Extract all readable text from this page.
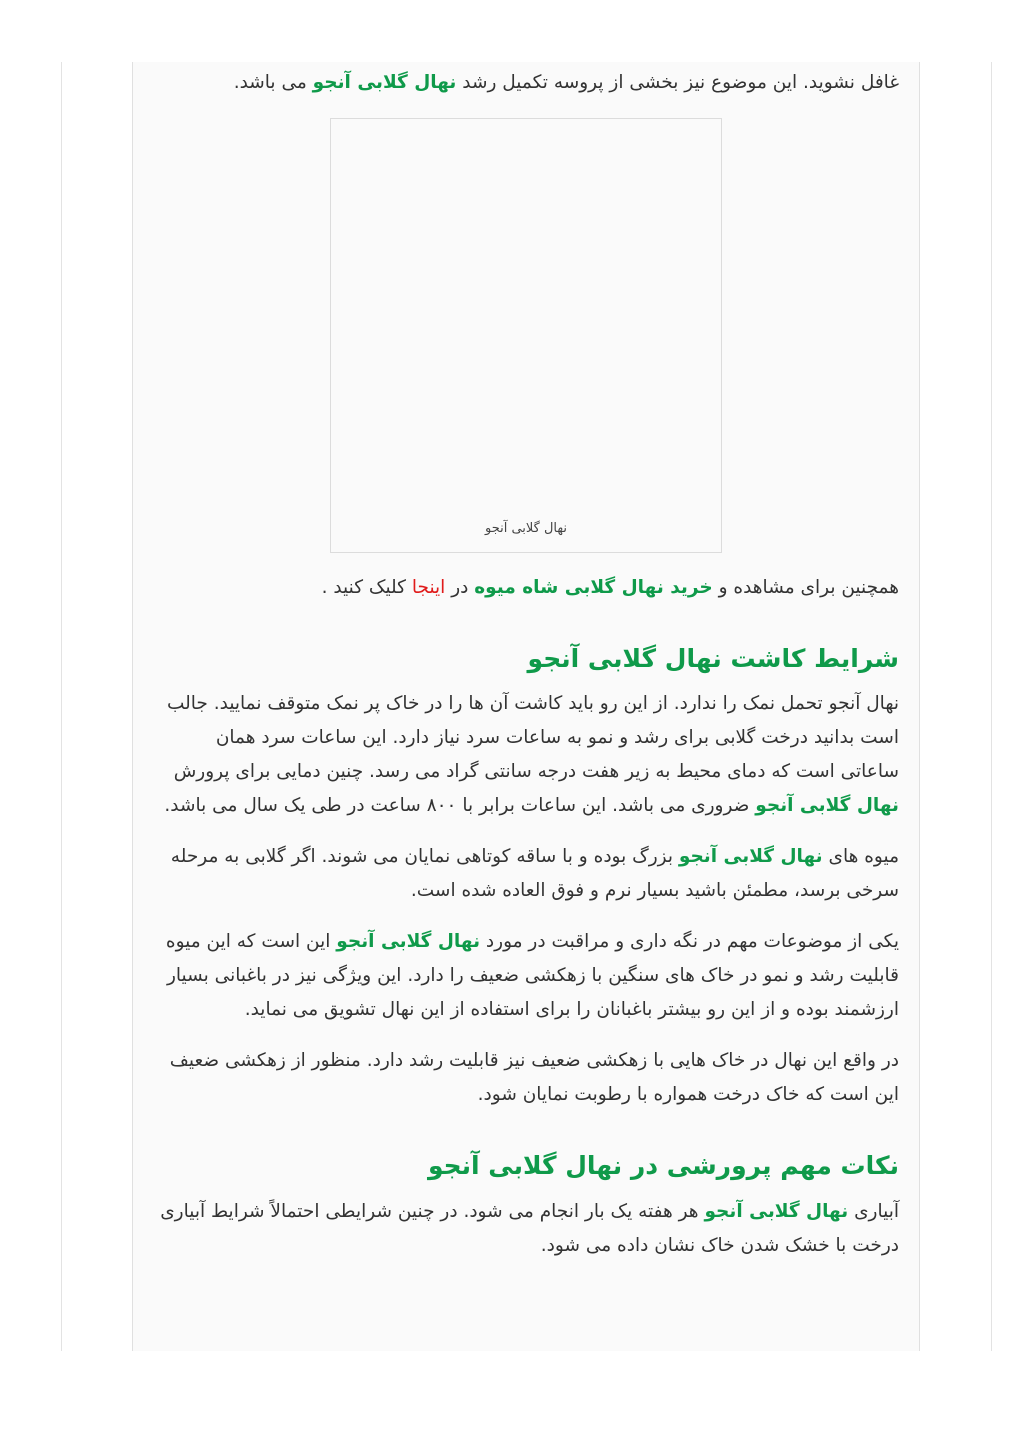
غافل نشوید. این موضوع نیز بخشی از پروسه تکمیل رشد نهال گلابی آنجو می باشد.

نهال گلابی آنجو

همچنین برای مشاهده و خرید نهال گلابی شاه میوه در اینجا کلیک کنید .

شرایط کاشت نهال گلابی آنجو

نهال آنجو تحمل نمک را ندارد. از این رو باید کاشت آن ها را در خاک پر نمک متوقف نمایید. جالب است بدانید درخت گلابی برای رشد و نمو به ساعات سرد نیاز دارد. این ساعات سرد همان ساعاتی است که دمای محیط به زیر هفت درجه سانتی گراد می رسد. چنین دمایی برای پرورش نهال گلابی آنجو ضروری می باشد. این ساعات برابر با ۸۰۰ ساعت در طی یک سال می باشد.

میوه های نهال گلابی آنجو بزرگ بوده و با ساقه کوتاهی نمایان می شوند. اگر گلابی به مرحله سرخی برسد، مطمئن باشید بسیار نرم و فوق العاده شده است.

یکی از موضوعات مهم در نگه داری و مراقبت در مورد نهال گلابی آنجو این است که این میوه قابلیت رشد و نمو در خاک های سنگین با زهکشی ضعیف را دارد. این ویژگی نیز در باغبانی بسیار ارزشمند بوده و از این رو بیشتر باغبانان را برای استفاده از این نهال تشویق می نماید.

در واقع این نهال در خاک هایی با زهکشی ضعیف نیز قابلیت رشد دارد. منظور از زهکشی ضعیف این است که خاک درخت همواره با رطوبت نمایان شود.

نکات مهم پرورشی در نهال گلابی آنجو

آبیاری نهال گلابی آنجو هر هفته یک بار انجام می شود. در چنین شرایطی احتمالاً شرایط آبیاری درخت با خشک شدن خاک نشان داده می شود.
